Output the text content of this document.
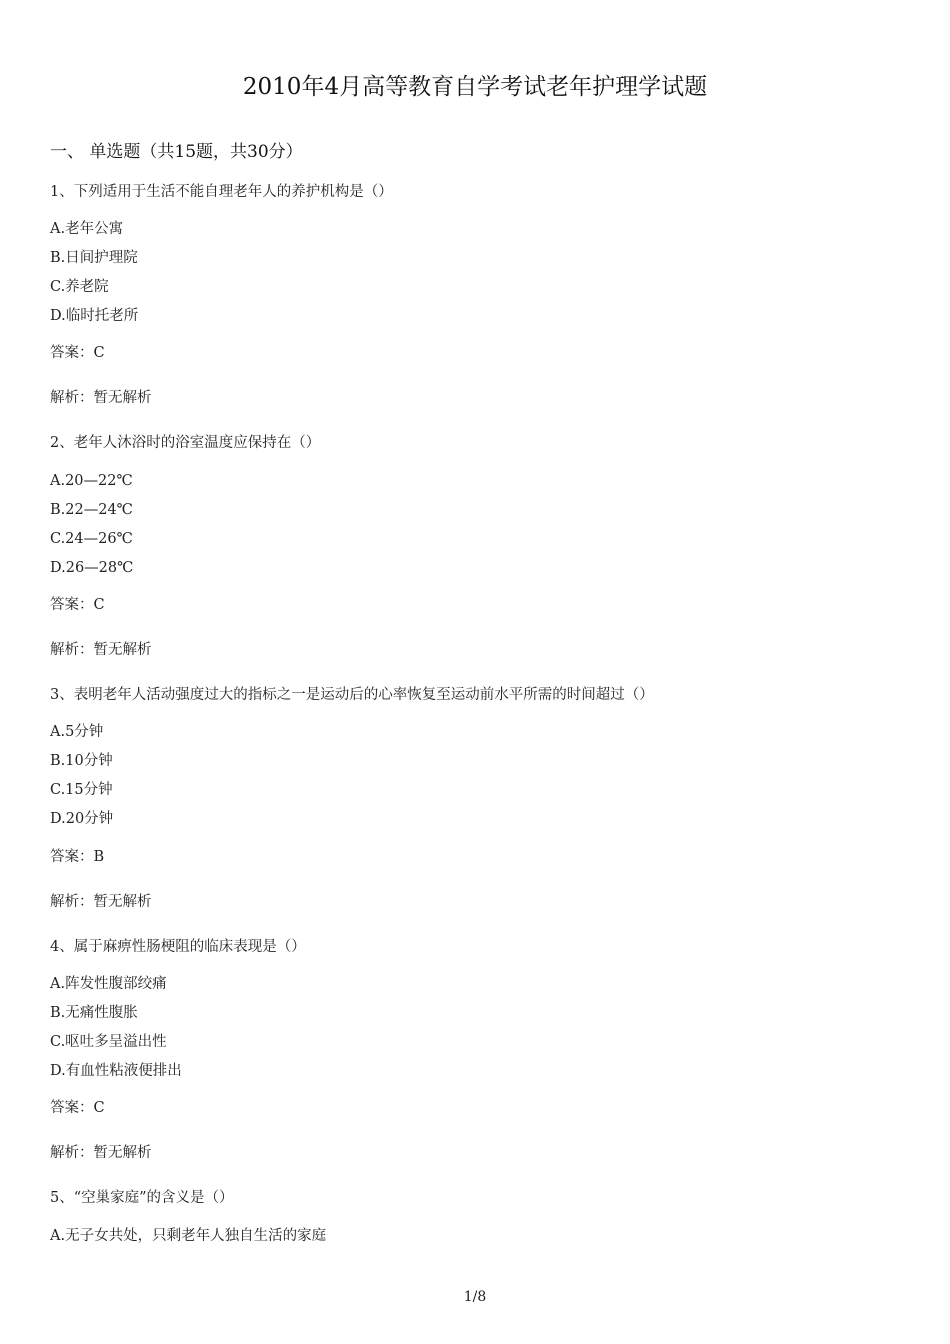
2010年4月高等教育自学考试老年护理学试题
一、 单选题（共15题，共30分）
1、下列适用于生活不能自理老年人的养护机构是（）
A.老年公寓
B.日间护理院
C.养老院
D.临时托老所
答案：C
解析：暂无解析
2、老年人沐浴时的浴室温度应保持在（）
A.20—22℃
B.22—24℃
C.24—26℃
D.26—28℃
答案：C
解析：暂无解析
3、表明老年人活动强度过大的指标之一是运动后的心率恢复至运动前水平所需的时间超过（）
A.5分钟
B.10分钟
C.15分钟
D.20分钟
答案：B
解析：暂无解析
4、属于麻痹性肠梗阻的临床表现是（）
A.阵发性腹部绞痛
B.无痛性腹胀
C.呕吐多呈溢出性
D.有血性粘液便排出
答案：C
解析：暂无解析
5、“空巢家庭”的含义是（）
A.无子女共处，只剩老年人独自生活的家庭
1/8
